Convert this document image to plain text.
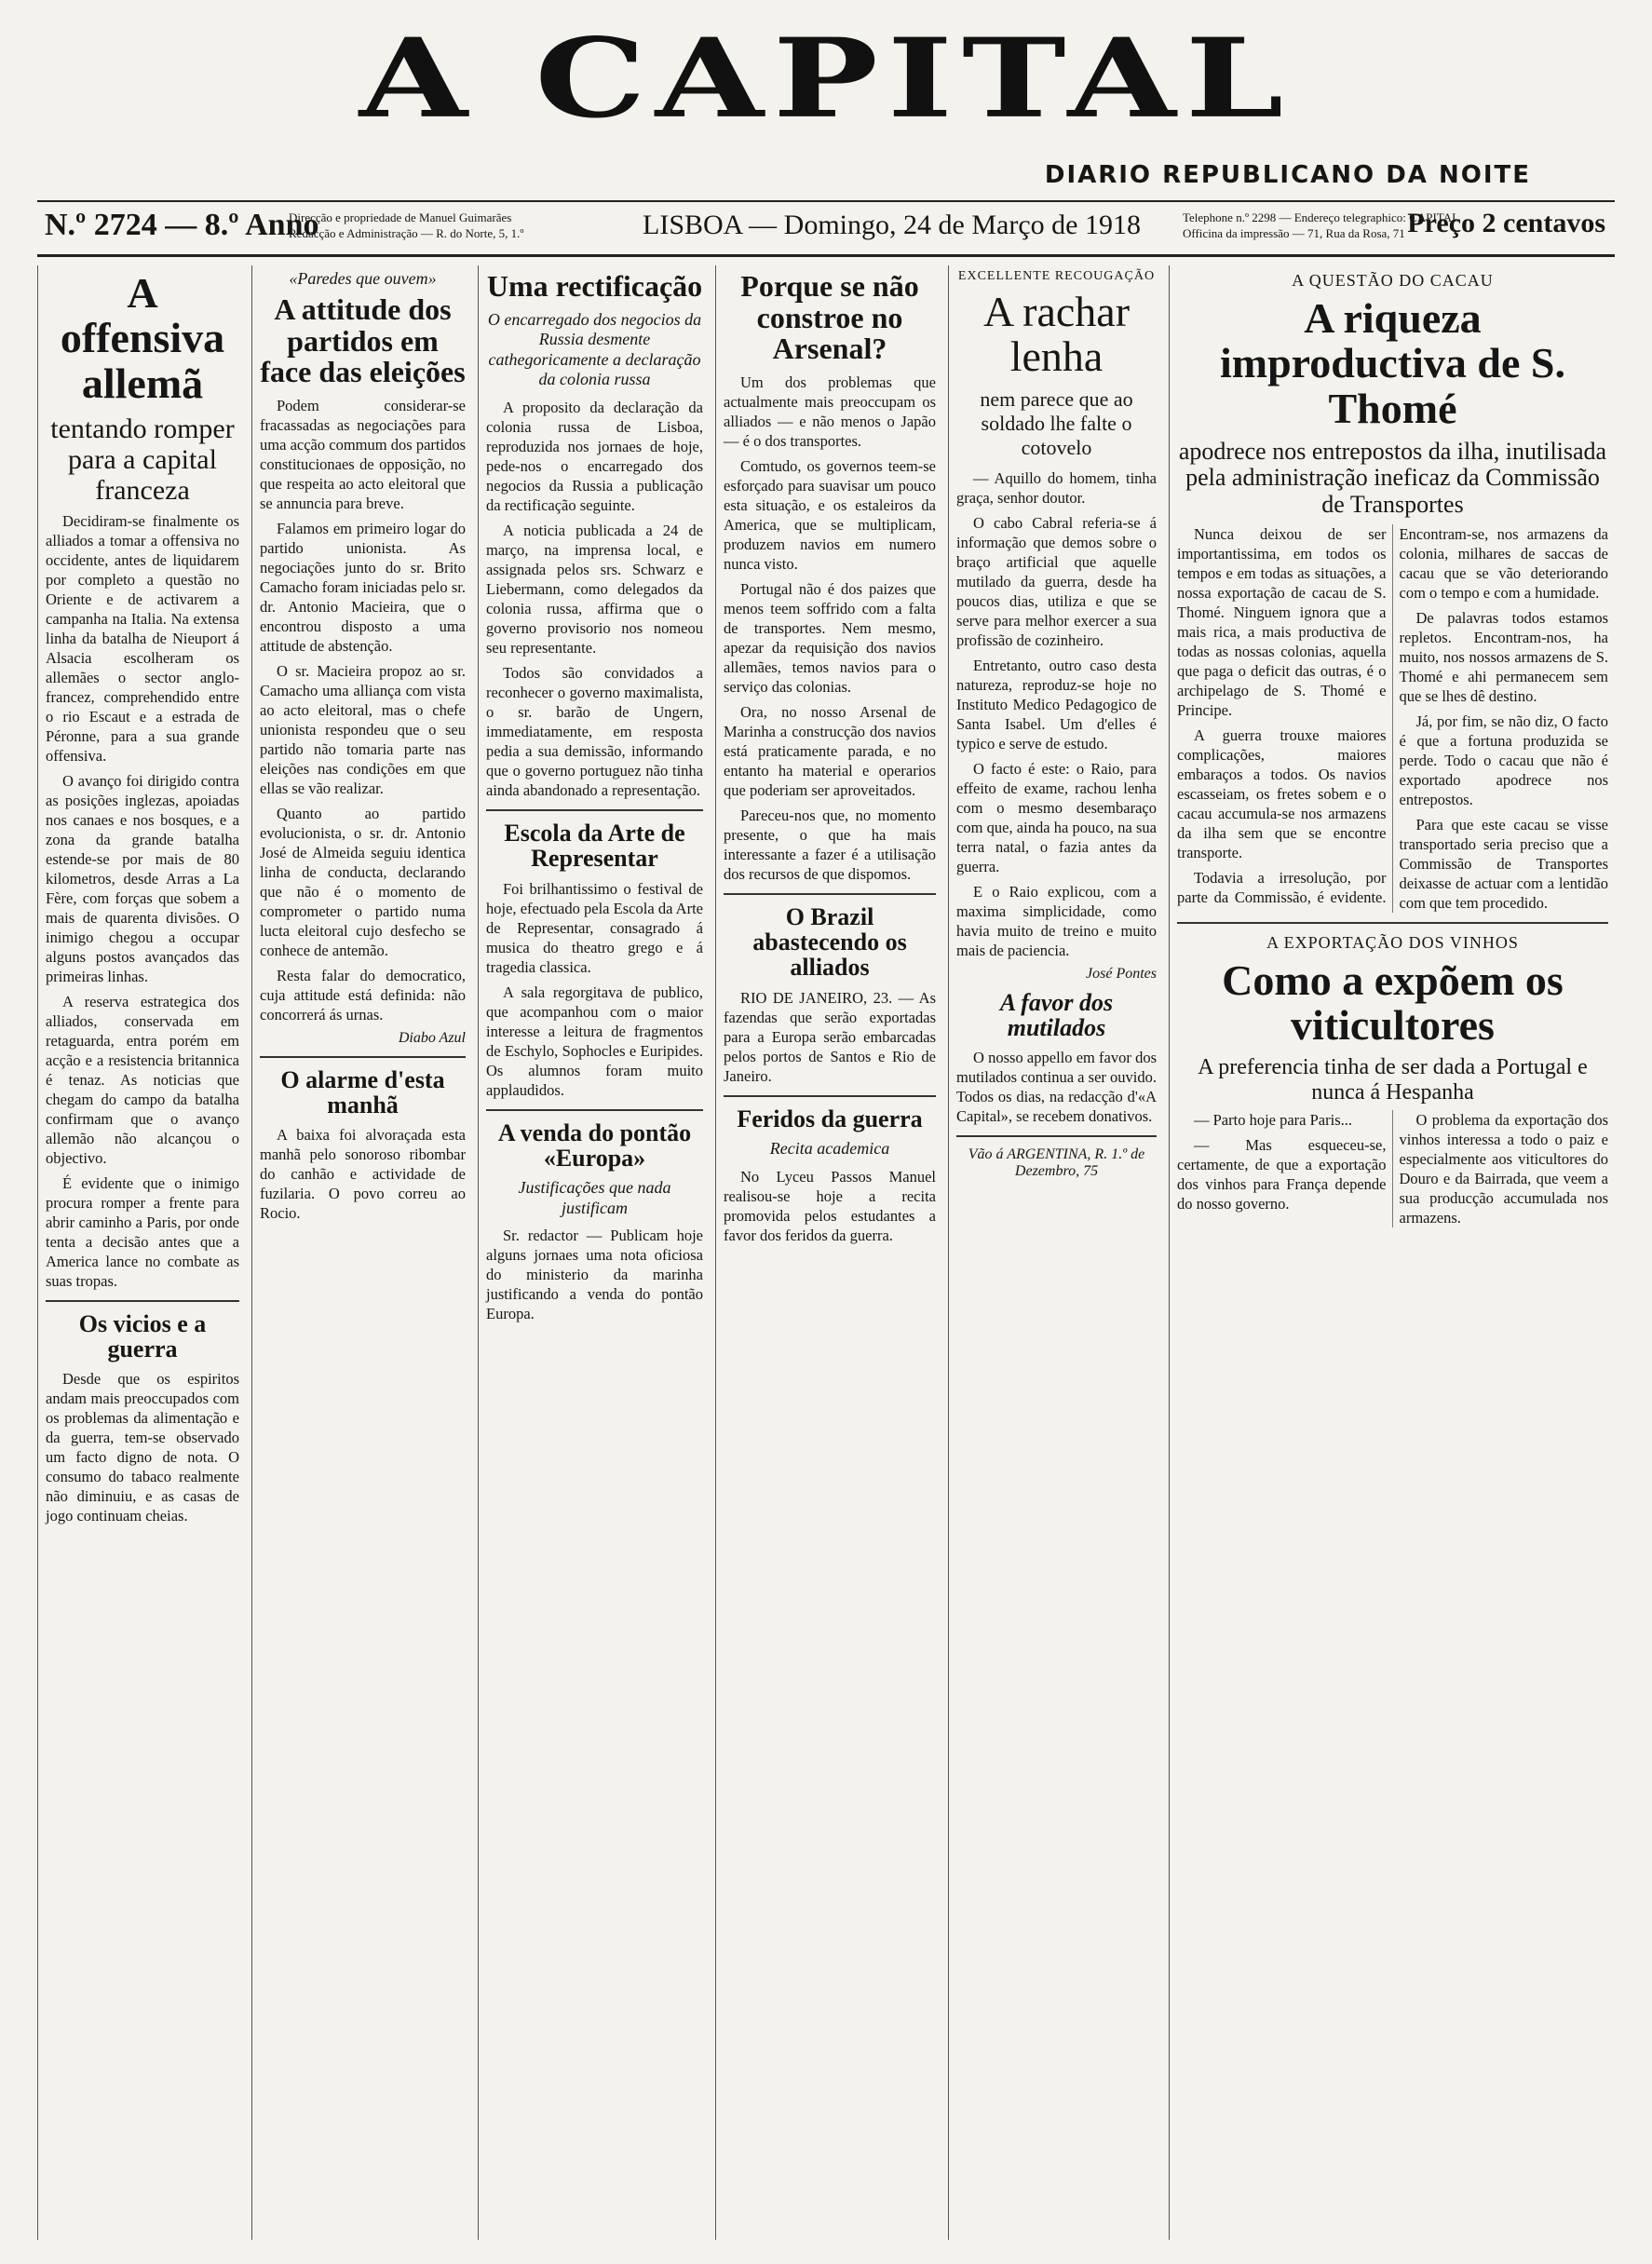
A CAPITAL
DIARIO REPUBLICANO DA NOITE
N.º 2724 — 8.º Anno
Direcção e propriedade de Manuel Guimarães
Redacção e Administração — R. do Norte, 5, 1.º	LISBOA — Domingo, 24 de Março de 1918	Telephone n.º 2298 — Endereço telegraphico: CAPITAL
Officina da impressão — 71, Rua da Rosa, 71 Preço 2 centavos
A offensiva allemã
tentando romper para a capital franceza

Decidiram-se finalmente os alliados a tomar a offensiva no occidente, antes de liquidarem por completo a questão no Oriente e de activarem a campanha na Italia. Na extensa linha da batalha de Nieuport á Alsacia escolheram os allemães o sector anglo-francez, comprehendido entre o rio Escaut e a estrada de Péronne, para a sua grande offensiva.

O avanço foi dirigido contra as posições inglezas, apoiadas nos canaes e nos bosques, e a zona da grande batalha estende-se por mais de 80 kilometros, desde Arras a La Fère, com forças que sobem a mais de quarenta divisões. O inimigo chegou a occupar alguns postos avançados das primeiras linhas.

A reserva estrategica dos alliados, conservada em retaguarda, entra porém em acção e a resistencia britannica é tenaz. As noticias que chegam do campo da batalha confirmam que o avanço allemão não alcançou o objectivo.

É evidente que o inimigo procura romper a frente para abrir caminho a Paris, por onde tenta a decisão antes que a America lance no combate as suas tropas.

Os vicios e a guerra

Desde que os espiritos andam mais preoccupados com os problemas da alimentação e da guerra, tem-se observado um facto digno de nota. O consumo do tabaco realmente não diminuiu, e as casas de jogo continuam cheias.

«Paredes que ouvem»
A attitude dos partidos em face das eleições

Podem considerar-se fracassadas as negociações para uma acção commum dos partidos constitucionaes de opposição, no que respeita ao acto eleitoral que se annuncia para breve.

Falamos em primeiro logar do partido unionista. As negociações junto do sr. Brito Camacho foram iniciadas pelo sr. dr. Antonio Macieira, que o encontrou disposto a uma attitude de abstenção.

O sr. Macieira propoz ao sr. Camacho uma alliança com vista ao acto eleitoral, mas o chefe unionista respondeu que o seu partido não tomaria parte nas eleições nas condições em que ellas se vão realizar.

Quanto ao partido evolucionista, o sr. dr. Antonio José de Almeida seguiu identica linha de conducta, declarando que não é o momento de comprometer o partido numa lucta eleitoral cujo desfecho se conhece de antemão.

Resta falar do democratico, cuja attitude está definida: não concorrerá ás urnas.

Diabo Azul
O alarme d'esta manhã

A baixa foi alvoraçada esta manhã pelo sonoroso ribombar do canhão e actividade de fuzilaria. O povo correu ao Rocio.

Uma rectificação
O encarregado dos negocios da Russia desmente cathegoricamente a declaração da colonia russa

A proposito da declaração da colonia russa de Lisboa, reproduzida nos jornaes de hoje, pede-nos o encarregado dos negocios da Russia a publicação da rectificação seguinte.

A noticia publicada a 24 de março, na imprensa local, e assignada pelos srs. Schwarz e Liebermann, como delegados da colonia russa, affirma que o governo provisorio nos nomeou seu representante.

Todos são convidados a reconhecer o governo maximalista, o sr. barão de Ungern, immediatamente, em resposta pedia a sua demissão, informando que o governo portuguez não tinha ainda abandonado a representação.

Escola da Arte de Representar

Foi brilhantissimo o festival de hoje, efectuado pela Escola da Arte de Representar, consagrado á musica do theatro grego e á tragedia classica.

A sala regorgitava de publico, que acompanhou com o maior interesse a leitura de fragmentos de Eschylo, Sophocles e Euripides. Os alumnos foram muito applaudidos.

A venda do pontão «Europa»
Justificações que nada justificam

Sr. redactor — Publicam hoje alguns jornaes uma nota oficiosa do ministerio da marinha justificando a venda do pontão Europa.

Porque se não constroe no Arsenal?

Um dos problemas que actualmente mais preoccupam os alliados — e não menos o Japão — é o dos transportes.

Comtudo, os governos teem-se esforçado para suavisar um pouco esta situação, e os estaleiros da America, que se multiplicam, produzem navios em numero nunca visto.

Portugal não é dos paizes que menos teem soffrido com a falta de transportes. Nem mesmo, apezar da requisição dos navios allemães, temos navios para o serviço das colonias.

Ora, no nosso Arsenal de Marinha a construcção dos navios está praticamente parada, e no entanto ha material e operarios que poderiam ser aproveitados.

Pareceu-nos que, no momento presente, o que ha mais interessante a fazer é a utilisação dos recursos de que dispomos.

O Brazil abastecendo os alliados

RIO DE JANEIRO, 23. — As fazendas que serão exportadas para a Europa serão embarcadas pelos portos de Santos e Rio de Janeiro.

Feridos da guerra
Recita academica

No Lyceu Passos Manuel realisou-se hoje a recita promovida pelos estudantes a favor dos feridos da guerra.

EXCELLENTE RECOUGAÇÃO
A rachar lenha
nem parece que ao soldado lhe falte o cotovelo

— Aquillo do homem, tinha graça, senhor doutor.

O cabo Cabral referia-se á informação que demos sobre o braço artificial que aquelle mutilado da guerra, desde ha poucos dias, utiliza e que se serve para melhor exercer a sua profissão de cozinheiro.

Entretanto, outro caso desta natureza, reproduz-se hoje no Instituto Medico Pedagogico de Santa Isabel. Um d'elles é typico e serve de estudo.

O facto é este: o Raio, para effeito de exame, rachou lenha com o mesmo desembaraço com que, ainda ha pouco, na sua terra natal, o fazia antes da guerra.

E o Raio explicou, com a maxima simplicidade, como havia muito de treino e muito mais de paciencia.

José Pontes
A favor dos mutilados

O nosso appello em favor dos mutilados continua a ser ouvido. Todos os dias, na redacção d'«A Capital», se recebem donativos.

Vão á ARGENTINA, R. 1.º de Dezembro, 75
A QUESTÃO DO CACAU
A riqueza improductiva de S. Thomé
apodrece nos entrepostos da ilha, inutilisada pela administração ineficaz da Commissão de Transportes

Nunca deixou de ser importantissima, em todos os tempos e em todas as situações, a nossa exportação de cacau de S. Thomé. Ninguem ignora que a mais rica, a mais productiva de todas as nossas colonias, aquella que paga o deficit das outras, é o archipelago de S. Thomé e Principe.

A guerra trouxe maiores complicações, maiores embaraços a todos. Os navios escasseiam, os fretes sobem e o cacau accumula-se nos armazens da ilha sem que se encontre transporte.

Todavia a irresolução, por parte da Commissão, é evidente. Encontram-se, nos armazens da colonia, milhares de saccas de cacau que se vão deteriorando com o tempo e com a humidade.

De palavras todos estamos repletos. Encontram-nos, ha muito, nos nossos armazens de S. Thomé e ahi permanecem sem que se lhes dê destino.

Já, por fim, se não diz, O facto é que a fortuna produzida se perde. Todo o cacau que não é exportado apodrece nos entrepostos.

Para que este cacau se visse transportado seria preciso que a Commissão de Transportes deixasse de actuar com a lentidão com que tem procedido.

A EXPORTAÇÃO DOS VINHOS
Como a expõem os viticultores
A preferencia tinha de ser dada a Portugal e nunca á Hespanha

— Parto hoje para Paris...

— Mas esqueceu-se, certamente, de que a exportação dos vinhos para França depende do nosso governo.

O problema da exportação dos vinhos interessa a todo o paiz e especialmente aos viticultores do Douro e da Bairrada, que veem a sua producção accumulada nos armazens.
